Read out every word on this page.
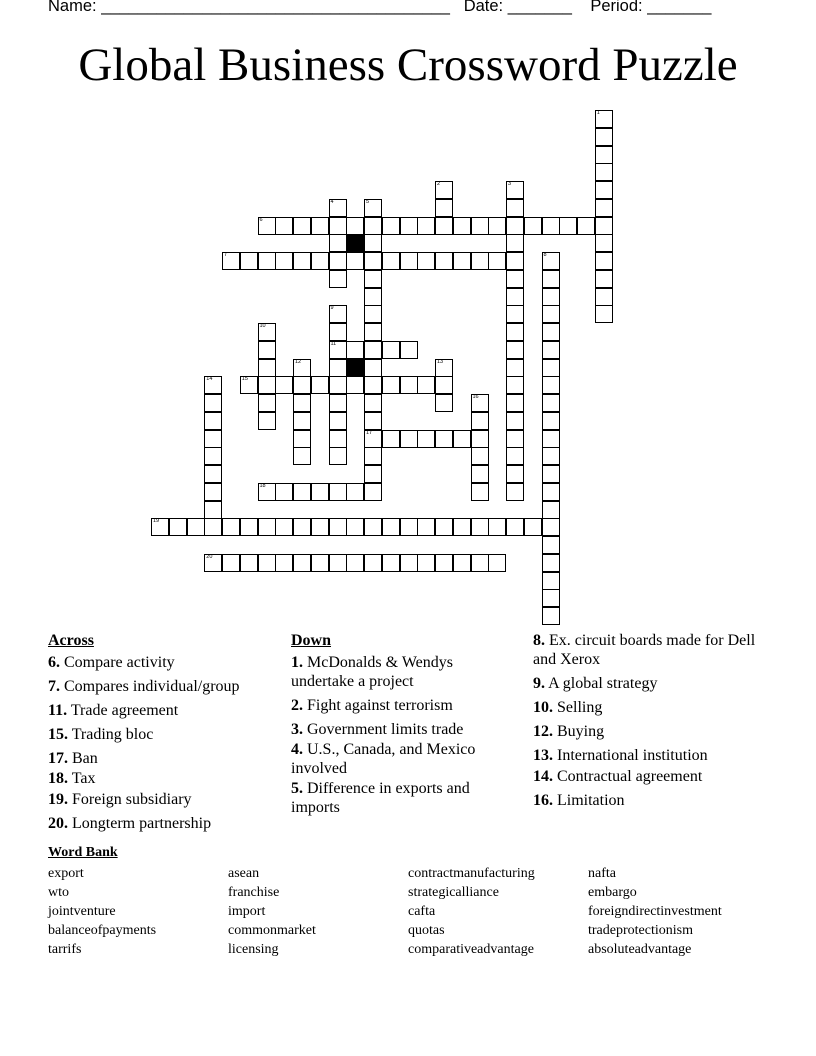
Name: ______________________________________ Date: _______ Period: _______
Global Business Crossword Puzzle
1
2	3
4	5
17
6
7	8
9
11
10
12	13
14	15
16
18
19
20
Across
6. Compare activity
7. Compares individual/group
11. Trade agreement
15. Trading bloc
17. Ban
18. Tax
19. Foreign subsidiary
20. Longterm partnership
Down
1. McDonalds & Wendys undertake a project
2. Fight against terrorism
3. Government limits trade
4. U.S., Canada, and Mexico involved
5. Difference in exports and imports
8. Ex. circuit boards made for Dell and Xerox
9. A global strategy
10. Selling
12. Buying
13. International institution
14. Contractual agreement
16. Limitation
Word Bank
export
wto
jointventure
balanceofpayments
tarrifs
asean
franchise
import
commonmarket
licensing
contractmanufacturing
strategicalliance
cafta
quotas
comparativeadvantage
nafta
embargo
foreigndirectinvestment
tradeprotectionism
absoluteadvantage
